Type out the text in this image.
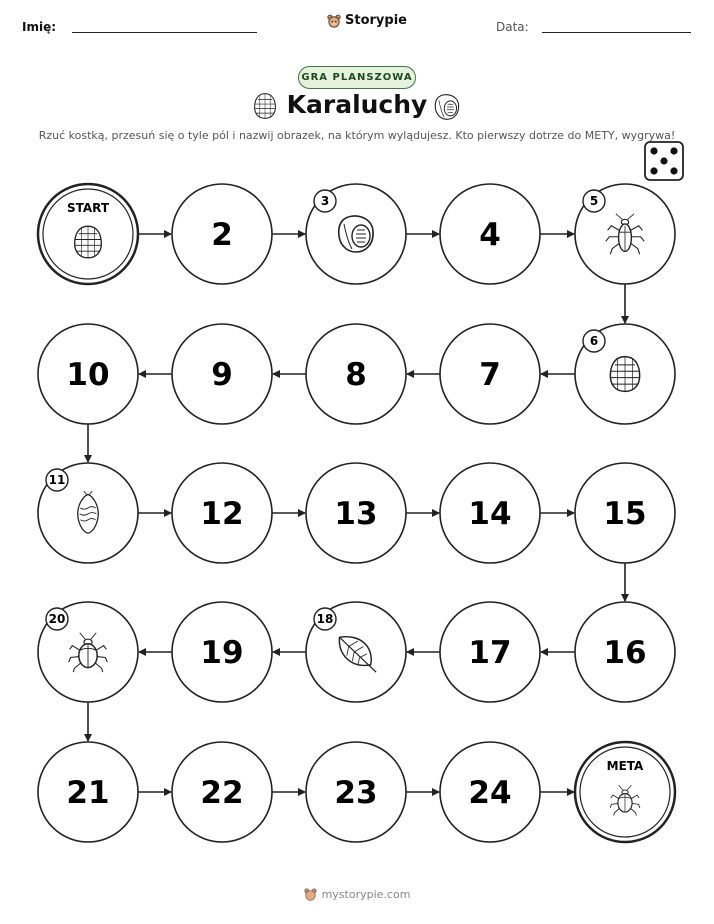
Imię:	Storypie	Data:
GRA PLANSZOWA
Karaluchy
Rzuć kostką, przesuń się o tyle pól i nazwij obrazek, na którym wylądujesz. Kto pierwszy dotrze do METY, wygrywa!
START
2
3
4
5
6
7
8
9
10
11
12	13	14	15
16
17
18
19
20
21	22	23	24
META
mystorypie.com
